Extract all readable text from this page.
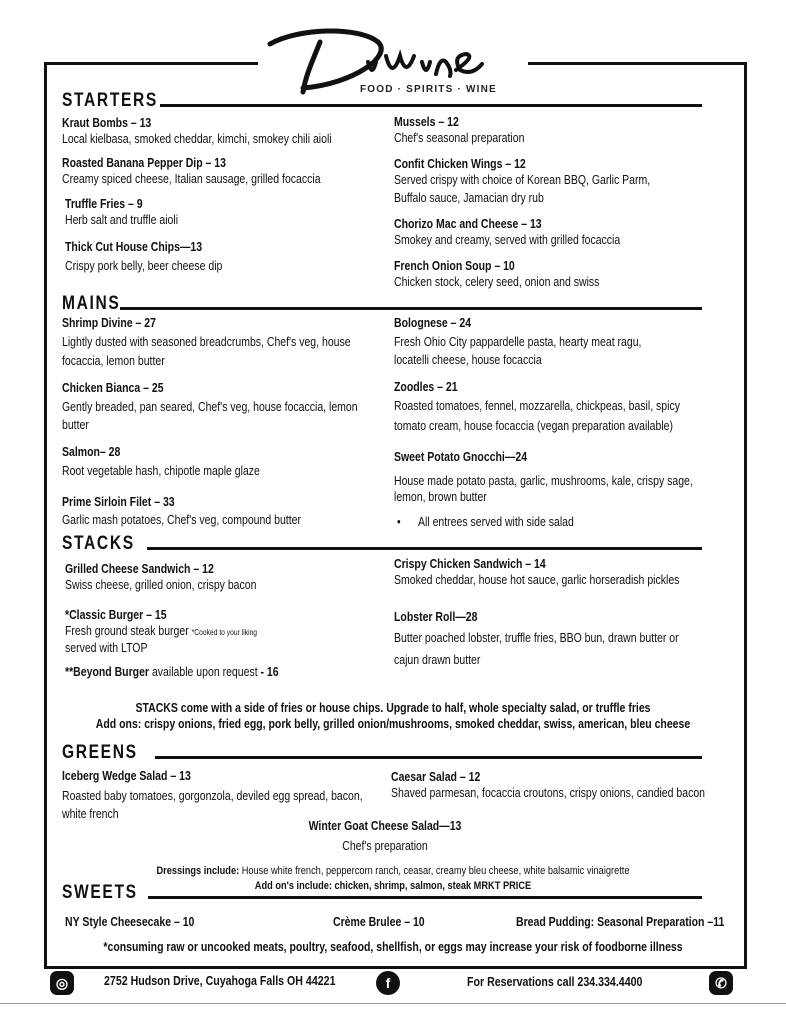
FOOD · SPIRITS · WINE
STARTERS
Kraut Bombs – 13
Local kielbasa, smoked cheddar, kimchi, smokey chili aioli
Roasted Banana Pepper Dip – 13
Creamy spiced cheese, Italian sausage, grilled focaccia
Truffle Fries – 9
Herb salt and truffle aioli
Thick Cut House Chips—13
Crispy pork belly, beer cheese dip
Mussels – 12
Chef's seasonal preparation
Confit Chicken Wings – 12
Served crispy with choice of Korean BBQ, Garlic Parm,
Buffalo sauce, Jamacian dry rub
Chorizo Mac and Cheese – 13
Smokey and creamy, served with grilled focaccia
French Onion Soup – 10
Chicken stock, celery seed, onion and swiss
MAINS
Shrimp Divine – 27
Lightly dusted with seasoned breadcrumbs, Chef's veg, house
focaccia, lemon butter
Chicken Bianca – 25
Gently breaded, pan seared, Chef's veg, house focaccia, lemon
butter
Salmon– 28
Root vegetable hash, chipotle maple glaze
Prime Sirloin Filet – 33
Garlic mash potatoes, Chef's veg, compound butter
Bolognese – 24
Fresh Ohio City pappardelle pasta, hearty meat ragu,
locatelli cheese, house focaccia
Zoodles – 21
Roasted tomatoes, fennel, mozzarella, chickpeas, basil, spicy
tomato cream, house focaccia (vegan preparation available)
Sweet Potato Gnocchi—24
House made potato pasta, garlic, mushrooms, kale, crispy sage,
lemon, brown butter
• All entrees served with side salad
STACKS
Grilled Cheese Sandwich – 12
Swiss cheese, grilled onion, crispy bacon
*Classic Burger – 15
Fresh ground steak burger *Cooked to your liking
served with LTOP
**Beyond Burger available upon request - 16
Crispy Chicken Sandwich – 14
Smoked cheddar, house hot sauce, garlic horseradish pickles
Lobster Roll—28
Butter poached lobster, truffle fries, BBO bun, drawn butter or
cajun drawn butter
STACKS come with a side of fries or house chips. Upgrade to half, whole specialty salad, or truffle fries
Add ons: crispy onions, fried egg, pork belly, grilled onion/mushrooms, smoked cheddar, swiss, american, bleu cheese
GREENS
Iceberg Wedge Salad – 13
Roasted baby tomatoes, gorgonzola, deviled egg spread, bacon,
white french
Caesar Salad – 12
Shaved parmesan, focaccia croutons, crispy onions, candied bacon
Winter Goat Cheese Salad—13
Chef's preparation
Dressings include: House white french, peppercorn ranch, ceasar, creamy bleu cheese, white balsamic vinaigrette
Add on's include: chicken, shrimp, salmon, steak MRKT PRICE
SWEETS
NY Style Cheesecake – 10	Crème Brulee – 10	Bread Pudding: Seasonal Preparation –11
*consuming raw or uncooked meats, poultry, seafood, shellfish, or eggs may increase your risk of foodborne illness
◎	f	✆
2752 Hudson Drive, Cuyahoga Falls OH 44221	For Reservations call 234.334.4400
